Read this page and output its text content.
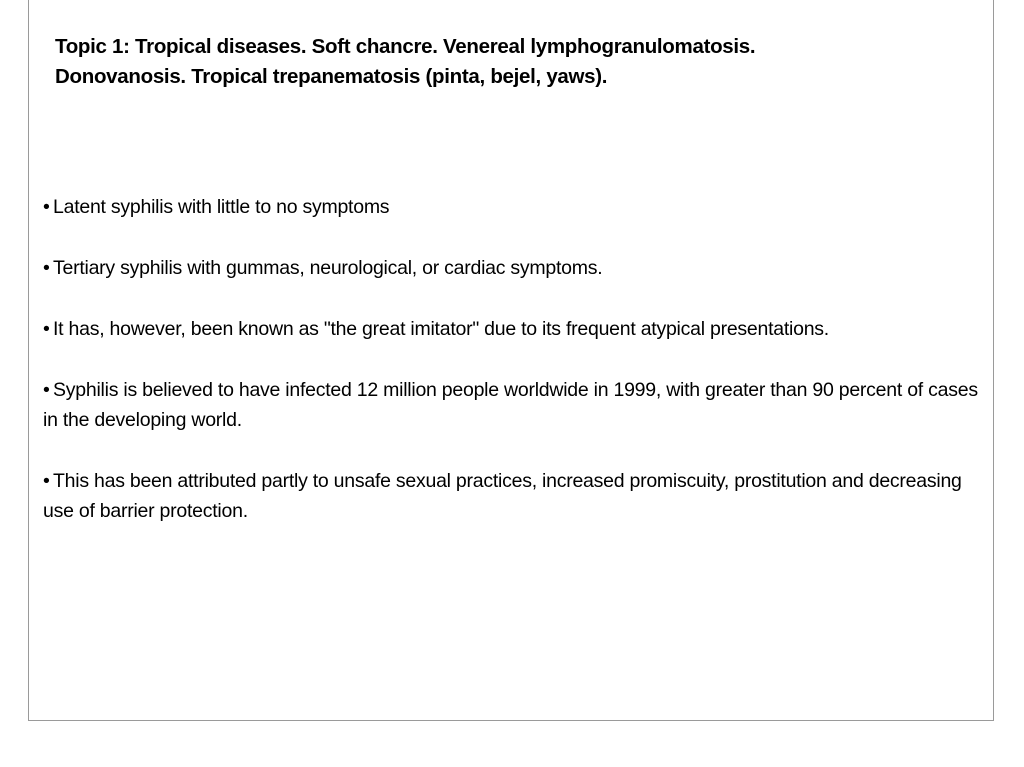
Topic 1: Tropical diseases. Soft chancre. Venereal lymphogranulomatosis.
Donovanosis. Tropical trepanematosis (pinta, bejel, yaws).
• Latent syphilis with little to no symptoms
• Tertiary syphilis with gummas, neurological, or cardiac symptoms.
• It has, however, been known as "the great imitator" due to its frequent atypical presentations.
• Syphilis is believed to have infected 12 million people worldwide in 1999, with greater than 90 percent of cases in the developing world.
• This has been attributed partly to unsafe sexual practices, increased promiscuity, prostitution and decreasing use of barrier protection.
